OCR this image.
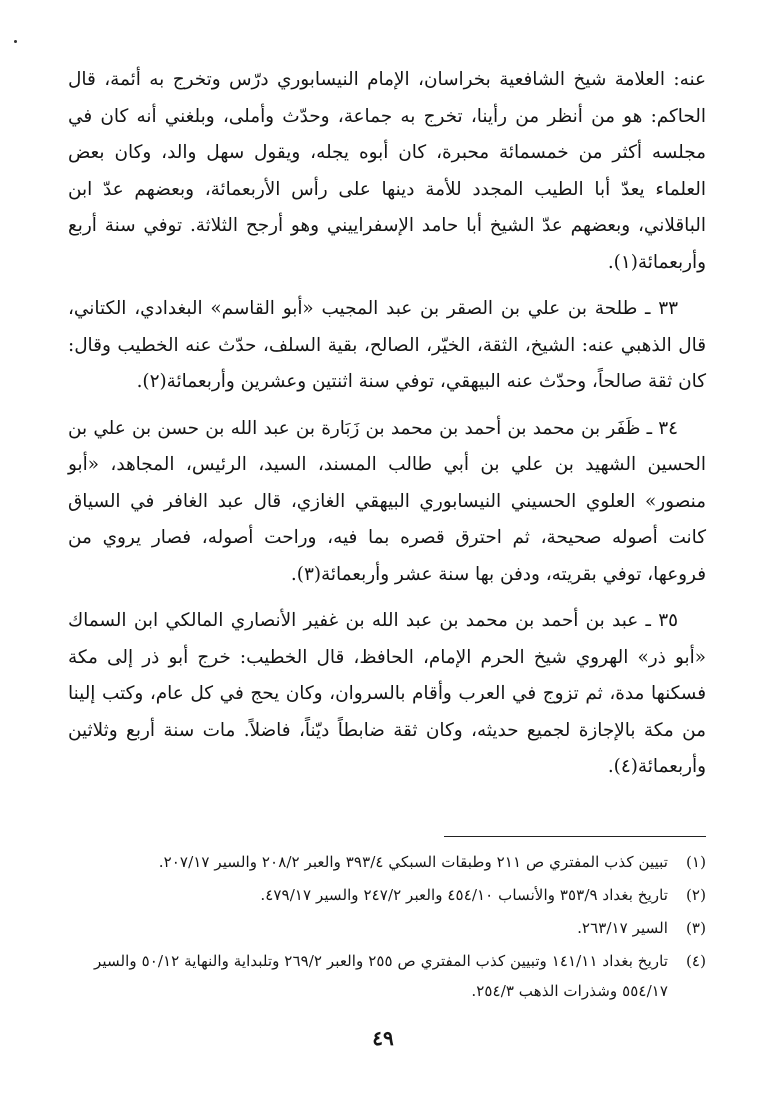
عنه: العلامة شيخ الشافعية بخراسان، الإمام النيسابوري درّس وتخرج به أئمة، قال الحاكم: هو من أنظر من رأينا، تخرج به جماعة، وحدّث وأملى، وبلغني أنه كان في مجلسه أكثر من خمسمائة محبرة، كان أبوه يجله، ويقول سهل والد، وكان بعض العلماء يعدّ أبا الطيب المجدد للأمة دينها على رأس الأربعمائة، وبعضهم عدّ ابن الباقلاني، وبعضهم عدّ الشيخ أبا حامد الإسفراييني وهو أرجح الثلاثة. توفي سنة أربع وأربعمائة(١).

٣٣ ـ طلحة بن علي بن الصقر بن عبد المجيب «أبو القاسم» البغدادي، الكتاني، قال الذهبي عنه: الشيخ، الثقة، الخيّر، الصالح، بقية السلف، حدّث عنه الخطيب وقال: كان ثقة صالحاً، وحدّث عنه البيهقي، توفي سنة اثنتين وعشرين وأربعمائة(٢).

٣٤ ـ ظَفَر بن محمد بن أحمد بن محمد بن زَبَارة بن عبد الله بن حسن بن علي بن الحسين الشهيد بن علي بن أبي طالب المسند، السيد، الرئيس، المجاهد، «أبو منصور» العلوي الحسيني النيسابوري البيهقي الغازي، قال عبد الغافر في السياق كانت أصوله صحيحة، ثم احترق قصره بما فيه، وراحت أصوله، فصار يروي من فروعها، توفي بقريته، ودفن بها سنة عشر وأربعمائة(٣).

٣٥ ـ عبد بن أحمد بن محمد بن عبد الله بن غفير الأنصاري المالكي ابن السماك «أبو ذر» الهروي شيخ الحرم الإمام، الحافظ، قال الخطيب: خرج أبو ذر إلى مكة فسكنها مدة، ثم تزوج في العرب وأقام بالسروان، وكان يحج في كل عام، وكتب إلينا من مكة بالإجازة لجميع حديثه، وكان ثقة ضابطاً ديّناً، فاضلاً. مات سنة أربع وثلاثين وأربعمائة(٤).

(١)تبيين كذب المفتري ص ٢١١ وطبقات السبكي ٣٩٣/٤ والعبر ٢٠٨/٢ والسير ٢٠٧/١٧.

(٢)تاريخ بغداد ٣٥٣/٩ والأنساب ٤٥٤/١٠ والعبر ٢٤٧/٢ والسير ٤٧٩/١٧.

(٣)السير ٢٦٣/١٧.

(٤)تاريخ بغداد ١٤١/١١ وتبيين كذب المفتري ص ٢٥٥ والعبر ٢٦٩/٢ وتلبداية والنهاية ٥٠/١٢ والسير ٥٥٤/١٧ وشذرات الذهب ٢٥٤/٣.

٤٩
